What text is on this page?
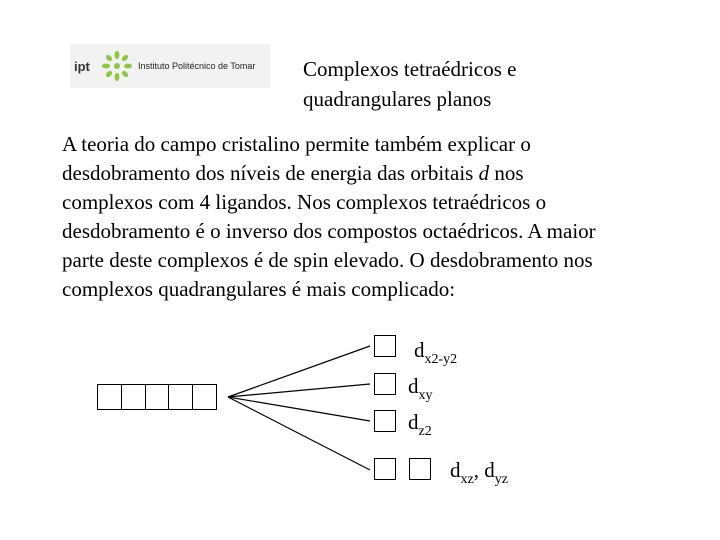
ipt	Instituto Politécnico de Tomar Complexos tetraédricos e
quadrangulares planos
A teoria do campo cristalino permite também explicar o
desdobramento dos níveis de energia das orbitais d nos
complexos com 4 ligandos. Nos complexos tetraédricos o
desdobramento é o inverso dos compostos octaédricos. A maior
parte deste complexos é de spin elevado. O desdobramento nos
complexos quadrangulares é mais complicado:
$d_{x2-y2}$
$d_{xy}$
$d_{z2}$
$d_{xz}$, $d_{yz}$
